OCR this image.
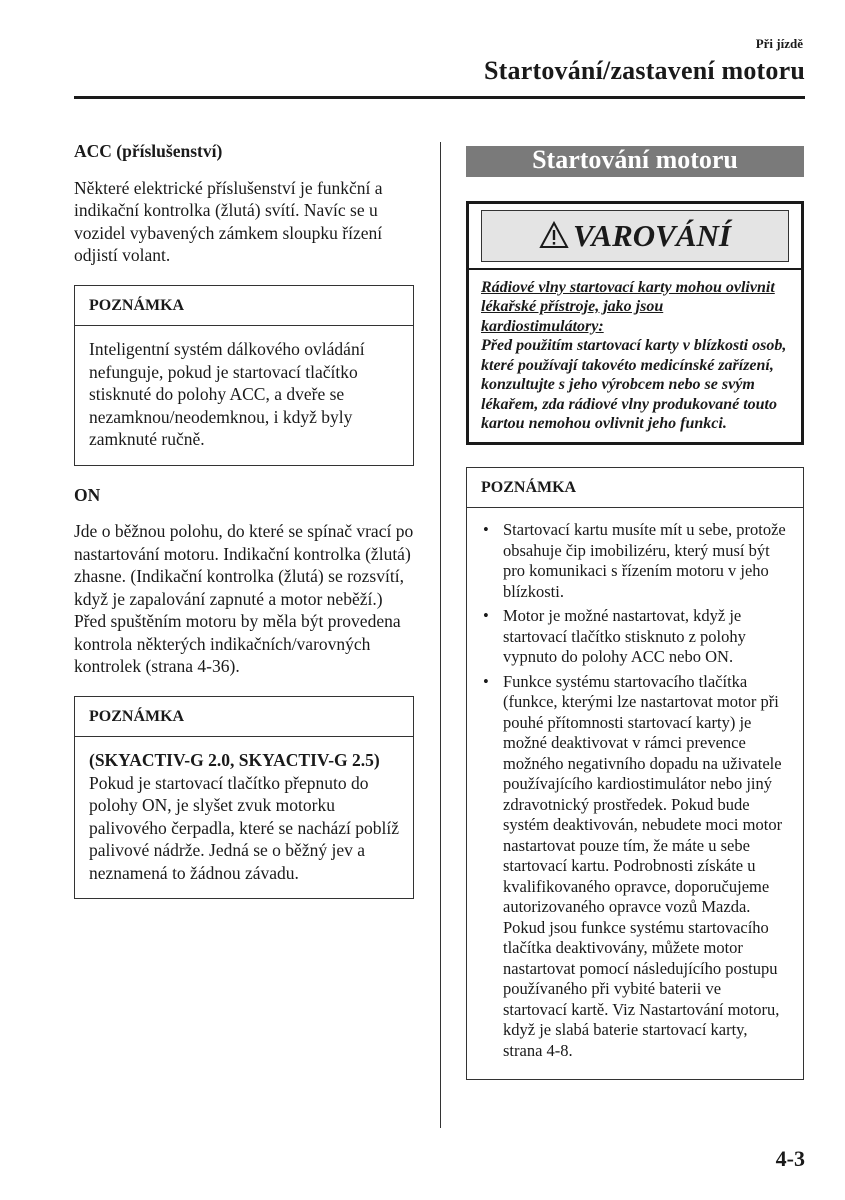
Při jízdě
Startování/zastavení motoru
ACC (příslušenství)

Některé elektrické příslušenství je funkční a indikační kontrolka (žlutá) svítí. Navíc se u vozidel vybavených zámkem sloupku řízení odjistí volant.

POZNÁMKA
Inteligentní systém dálkového ovládání nefunguje, pokud je startovací tlačítko stisknuté do polohy ACC, a dveře se nezamknou/neodemknou, i když byly zamknuté ručně.
ON

Jde o běžnou polohu, do které se spínač vrací po nastartování motoru. Indikační kontrolka (žlutá) zhasne. (Indikační kontrolka (žlutá) se rozsvítí, když je zapalování zapnuté a motor neběží.) Před spuštěním motoru by měla být provedena kontrola některých indikačních/varovných kontrolek (strana 4-36).

POZNÁMKA
(SKYACTIV-G 2.0, SKYACTIV-G 2.5)
Pokud je startovací tlačítko přepnuto do polohy ON, je slyšet zvuk motorku palivového čerpadla, které se nachází poblíž palivové nádrže. Jedná se o běžný jev a neznamená to žádnou závadu.
Startování motoru
VAROVÁNÍ
Rádiové vlny startovací karty mohou ovlivnit lékařské přístroje, jako jsou kardiostimulátory:
Před použitím startovací karty v blízkosti osob, které používají takovéto medicínské zařízení, konzultujte s jeho výrobcem nebo se svým lékařem, zda rádiové vlny produkované touto kartou nemohou ovlivnit jeho funkci.
POZNÁMKA
• Startovací kartu musíte mít u sebe, protože obsahuje čip imobilizéru, který musí být pro komunikaci s řízením motoru v jeho blízkosti.
• Motor je možné nastartovat, když je startovací tlačítko stisknuto z polohy vypnuto do polohy ACC nebo ON.
• Funkce systému startovacího tlačítka (funkce, kterými lze nastartovat motor při pouhé přítomnosti startovací karty) je možné deaktivovat v rámci prevence možného negativního dopadu na uživatele používajícího kardiostimulátor nebo jiný zdravotnický prostředek. Pokud bude systém deaktivován, nebudete moci motor nastartovat pouze tím, že máte u sebe startovací kartu. Podrobnosti získáte u kvalifikovaného opravce, doporučujeme autorizovaného opravce vozů Mazda. Pokud jsou funkce systému startovacího tlačítka deaktivovány, můžete motor nastartovat pomocí následujícího postupu používaného při vybité baterii ve startovací kartě. Viz Nastartování motoru, když je slabá baterie startovací karty, strana 4-8.
4-3
